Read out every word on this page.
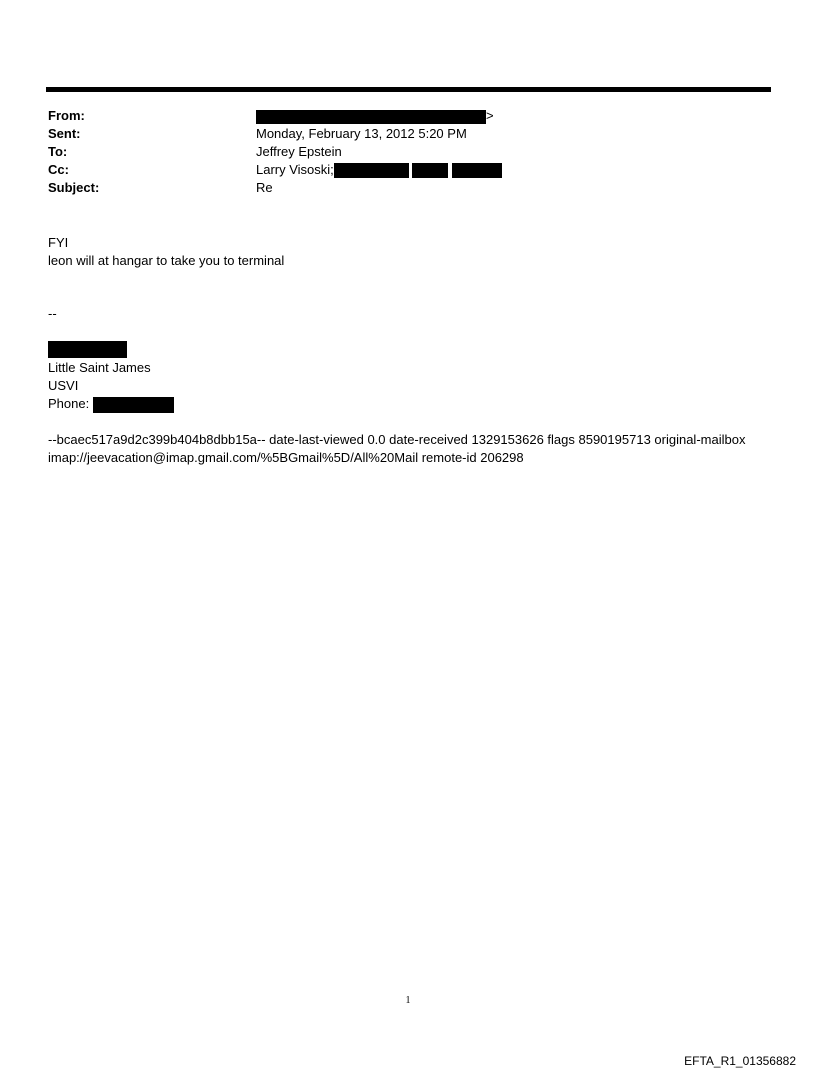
From:	>
Sent:	Monday, February 13, 2012 5:20 PM
To:	Jeffrey Epstein
Cc:	Larry Visoski;
Subject:	Re
FYI
leon will at hangar to take you to terminal
--
Little Saint James
USVI
Phone:
--bcaec517a9d2c399b404b8dbb15a-- date-last-viewed 0.0 date-received 1329153626 flags 8590195713 original-mailbox imap://jeevacation@imap.gmail.com/%5BGmail%5D/All%20Mail remote-id 206298
1
EFTA_R1_01356882
